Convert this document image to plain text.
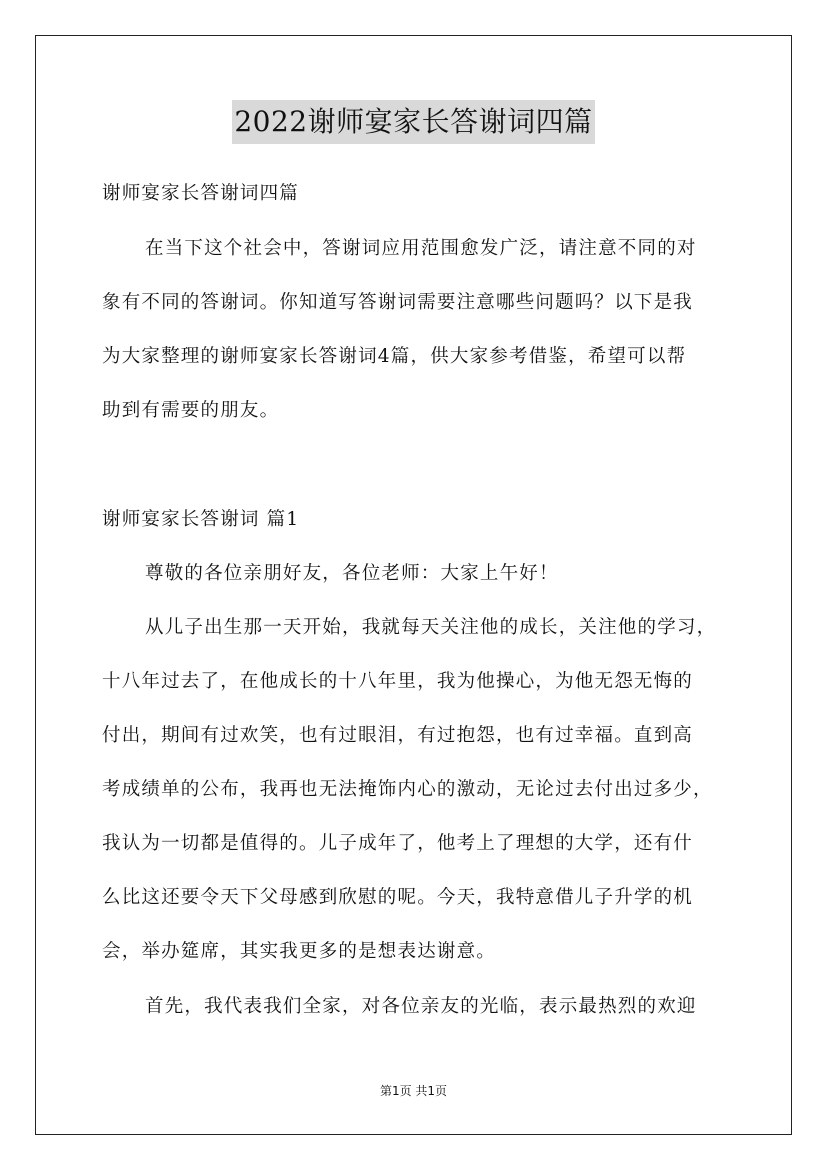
2022谢师宴家长答谢词四篇
谢师宴家长答谢词四篇
在当下这个社会中，答谢词应用范围愈发广泛，请注意不同的对
象有不同的答谢词。你知道写答谢词需要注意哪些问题吗？以下是我
为大家整理的谢师宴家长答谢词4篇，供大家参考借鉴，希望可以帮
助到有需要的朋友。
谢师宴家长答谢词 篇1
尊敬的各位亲朋好友，各位老师：大家上午好！
从儿子出生那一天开始，我就每天关注他的成长，关注他的学习，
十八年过去了，在他成长的十八年里，我为他操心，为他无怨无悔的
付出，期间有过欢笑，也有过眼泪，有过抱怨，也有过幸福。直到高
考成绩单的公布，我再也无法掩饰内心的激动，无论过去付出过多少，
我认为一切都是值得的。儿子成年了，他考上了理想的大学，还有什
么比这还要令天下父母感到欣慰的呢。今天，我特意借儿子升学的机
会，举办筵席，其实我更多的是想表达谢意。
首先，我代表我们全家，对各位亲友的光临，表示最热烈的欢迎
第1页 共1页
